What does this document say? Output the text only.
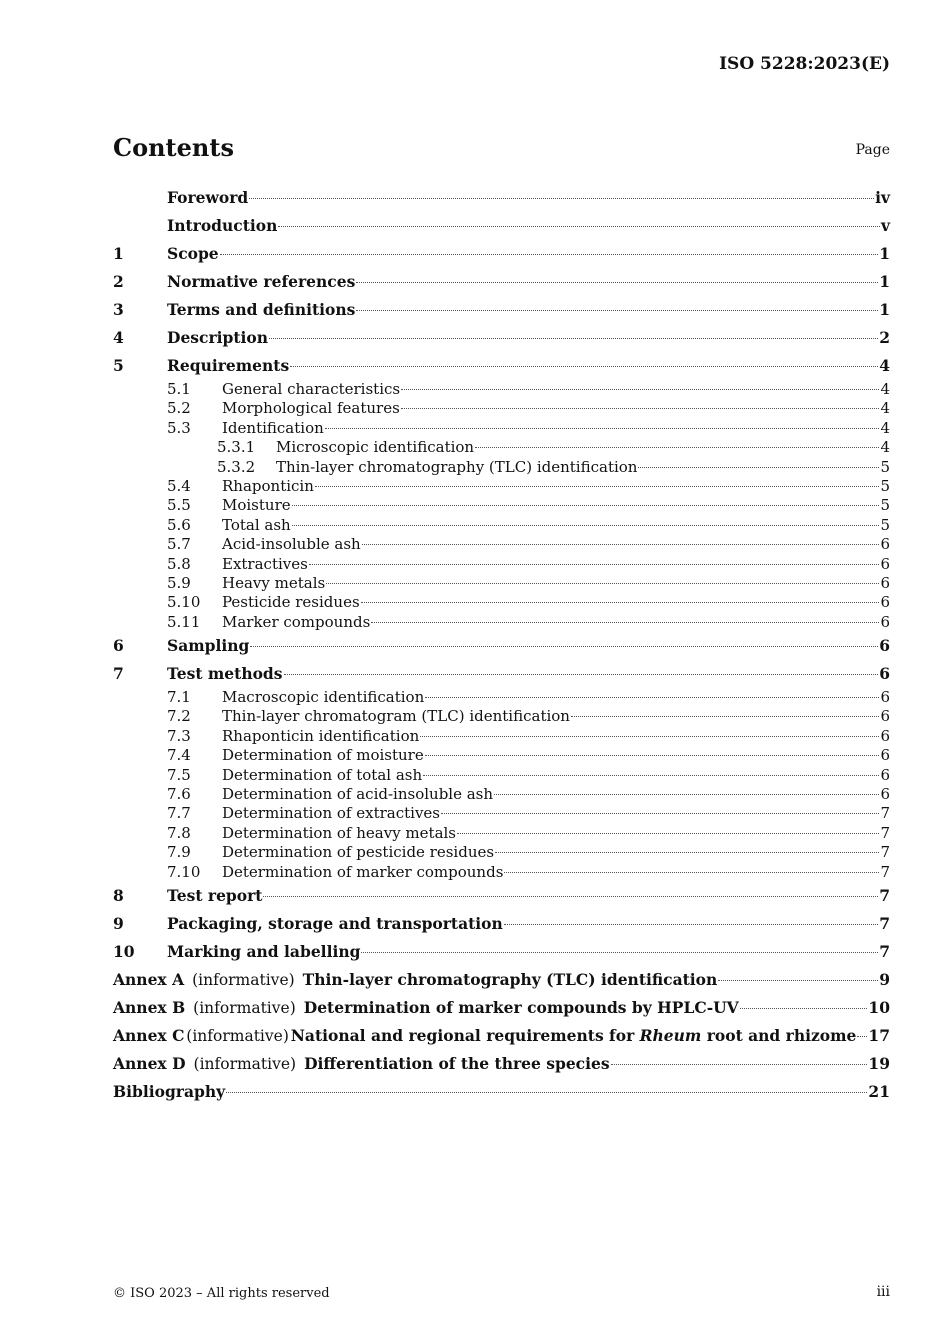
ISO 5228:2023(E)
Contents	Page
Foreword	iv
Introduction	v
1	Scope	1
2	Normative references	1
3	Terms and definitions	1
4	Description	2
5	Requirements	4
5.1	General characteristics	4
5.2	Morphological features	4
5.3	Identification	4
5.3.1	Microscopic identification	4
5.3.2	Thin-layer chromatography (TLC) identification	5
5.4	Rhaponticin	5
5.5	Moisture	5
5.6	Total ash	5
5.7	Acid-insoluble ash	6
5.8	Extractives	6
5.9	Heavy metals	6
5.10	Pesticide residues	6
5.11	Marker compounds	6
6	Sampling	6
7	Test methods	6
7.1	Macroscopic identification	6
7.2	Thin-layer chromatogram (TLC) identification	6
7.3	Rhaponticin identification	6
7.4	Determination of moisture	6
7.5	Determination of total ash	6
7.6	Determination of acid-insoluble ash	6
7.7	Determination of extractives	7
7.8	Determination of heavy metals	7
7.9	Determination of pesticide residues	7
7.10	Determination of marker compounds	7
8	Test report	7
9	Packaging, storage and transportation	7
10	Marking and labelling	7
Annex A (informative) Thin-layer chromatography (TLC) identification	9
Annex B (informative) Determination of marker compounds by HPLC-UV	10
Annex C (informative) National and regional requirements for Rheum root and rhizome 17
Annex D (informative) Differentiation of the three species	19
Bibliography	21
© ISO 2023 – All rights reserved	iii
